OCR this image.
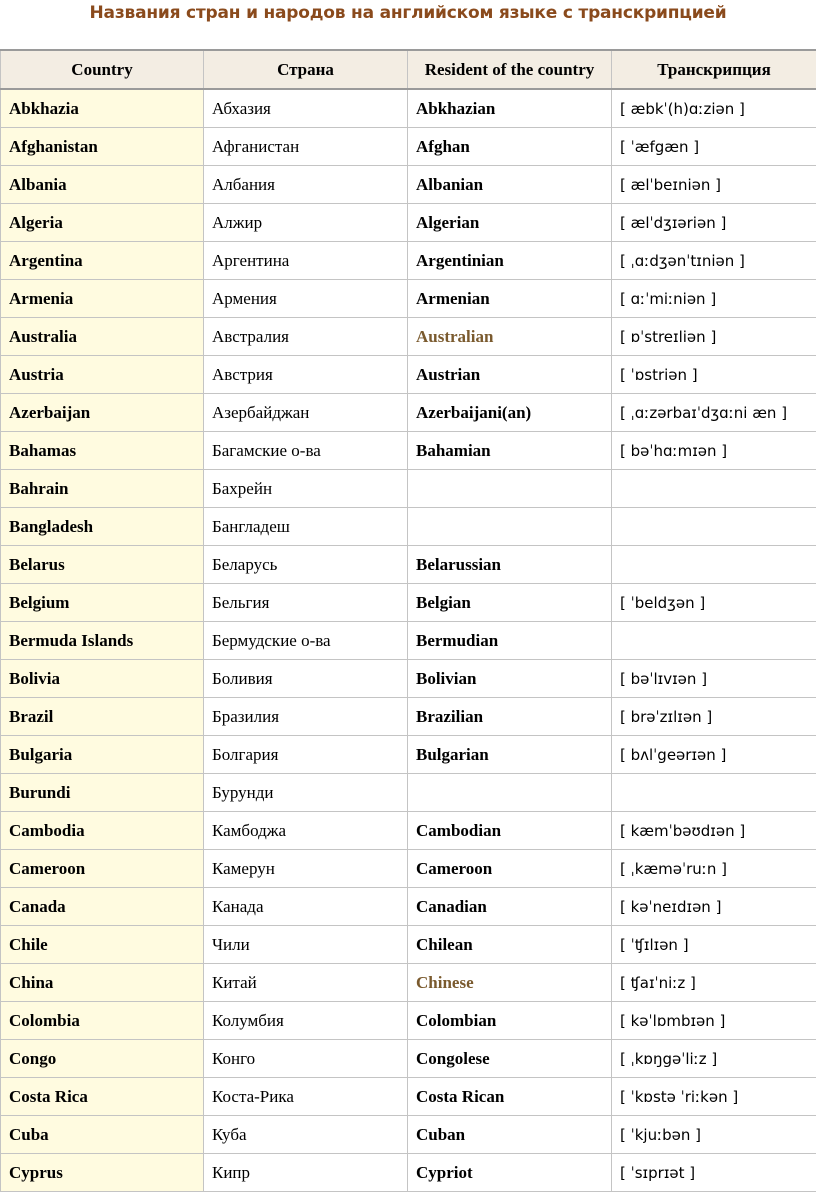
Названия стран и народов на английском языке с транскрипцией
Country	Страна	Resident of the country	Транскрипция
Abkhazia	Абхазия	Abkhazian	[ æbkˈ(h)ɑːziən ]
Afghanistan	Афганистан	Afghan	[ ˈæfgæn ]
Albania	Албания	Albanian	[ ælˈbeɪniən ]
Algeria	Алжир	Algerian	[ ælˈdʒɪəriən ]
Argentina	Аргентина	Argentinian	[ ˌɑːdʒənˈtɪniən ]
Armenia	Армения	Armenian	[ ɑːˈmiːniən ]
Australia	Австралия	Australian	[ ɒˈstreɪliən ]
Austria	Австрия	Austrian	[ ˈɒstriən ]
Azerbaijan	Азербайджан	Azerbaijani(an)	[ ˌɑːzərbaɪˈdʒɑːni æn ]
Bahamas	Багамские о-ва	Bahamian	[ bəˈhɑːmɪən ]
Bahrain	Бахрейн		
Bangladesh	Бангладеш		
Belarus	Беларусь	Belarussian	
Belgium	Бельгия	Belgian	[ ˈbeldʒən ]
Bermuda Islands	Бермудские о-ва	Bermudian	
Bolivia	Боливия	Bolivian	[ bəˈlɪvɪən ]
Brazil	Бразилия	Brazilian	[ brəˈzɪlɪən ]
Bulgaria	Болгария	Bulgarian	[ bʌlˈgeərɪən ]
Burundi	Бурунди		
Cambodia	Камбоджа	Cambodian	[ kæmˈbəʊdɪən ]
Cameroon	Камерун	Cameroon	[ ˌkæməˈruːn ]
Canada	Канада	Canadian	[ kəˈneɪdɪən ]
Chile	Чили	Chilean	[ ˈʧɪlɪən ]
China	Китай	Chinese	[ ʧaɪˈniːz ]
Colombia	Колумбия	Colombian	[ kəˈlɒmbɪən ]
Congo	Конго	Congolese	[ ˌkɒŋgəˈliːz ]
Costa Rica	Коста-Рика	Costa Rican	[ ˈkɒstə ˈriːkən ]
Cuba	Куба	Cuban	[ ˈkjuːbən ]
Cyprus	Кипр	Cypriot	[ ˈsɪprɪət ]
